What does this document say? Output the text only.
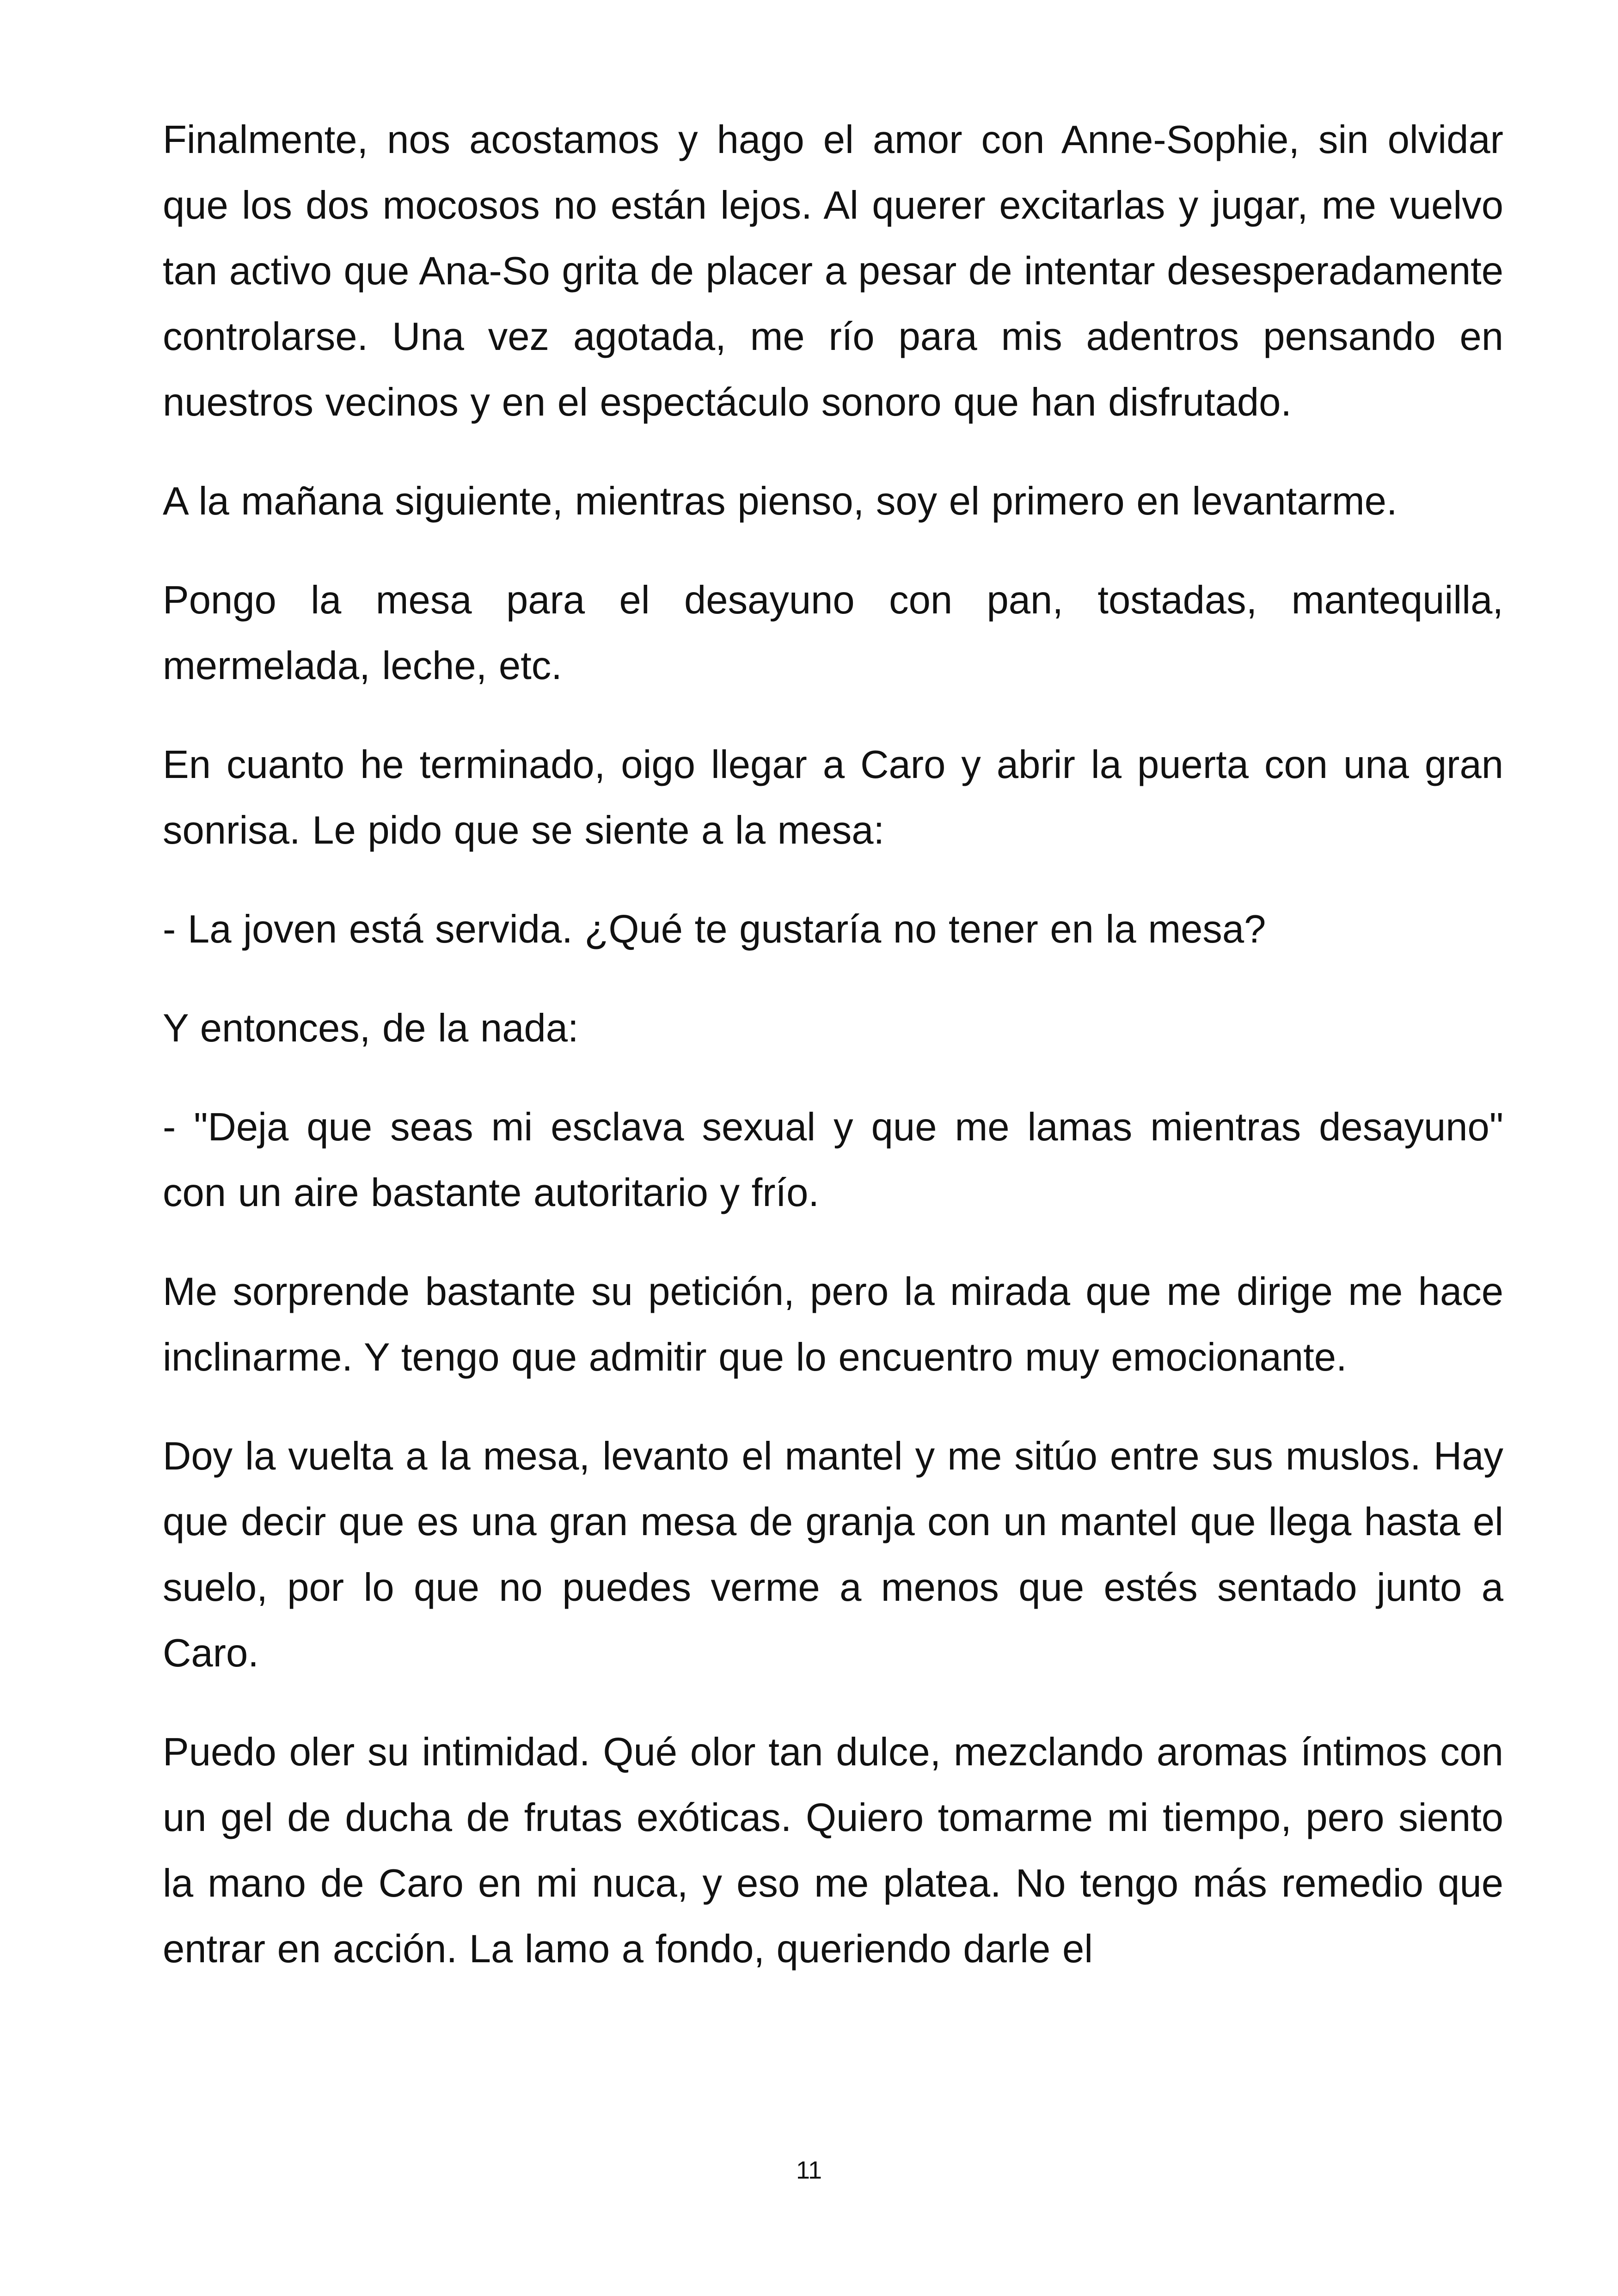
Finalmente, nos acostamos y hago el amor con Anne-Sophie, sin olvidar que los dos mocosos no están lejos. Al querer excitarlas y jugar, me vuelvo tan activo que Ana-So grita de placer a pesar de intentar desesperadamente controlarse. Una vez agotada, me río para mis adentros pensando en nuestros vecinos y en el espectáculo sonoro que han disfrutado.

A la mañana siguiente, mientras pienso, soy el primero en levantarme.

Pongo la mesa para el desayuno con pan, tostadas, mantequilla, mermelada, leche, etc.

En cuanto he terminado, oigo llegar a Caro y abrir la puerta con una gran sonrisa. Le pido que se siente a la mesa:

- La joven está servida. ¿Qué te gustaría no tener en la mesa?

Y entonces, de la nada:

- "Deja que seas mi esclava sexual y que me lamas mientras desayuno" con un aire bastante autoritario y frío.

Me sorprende bastante su petición, pero la mirada que me dirige me hace inclinarme. Y tengo que admitir que lo encuentro muy emocionante.

Doy la vuelta a la mesa, levanto el mantel y me sitúo entre sus muslos. Hay que decir que es una gran mesa de granja con un mantel que llega hasta el suelo, por lo que no puedes verme a menos que estés sentado junto a Caro.

Puedo oler su intimidad. Qué olor tan dulce, mezclando aromas íntimos con un gel de ducha de frutas exóticas. Quiero tomarme mi tiempo, pero siento la mano de Caro en mi nuca, y eso me platea. No tengo más remedio que entrar en acción. La lamo a fondo, queriendo darle el

11
